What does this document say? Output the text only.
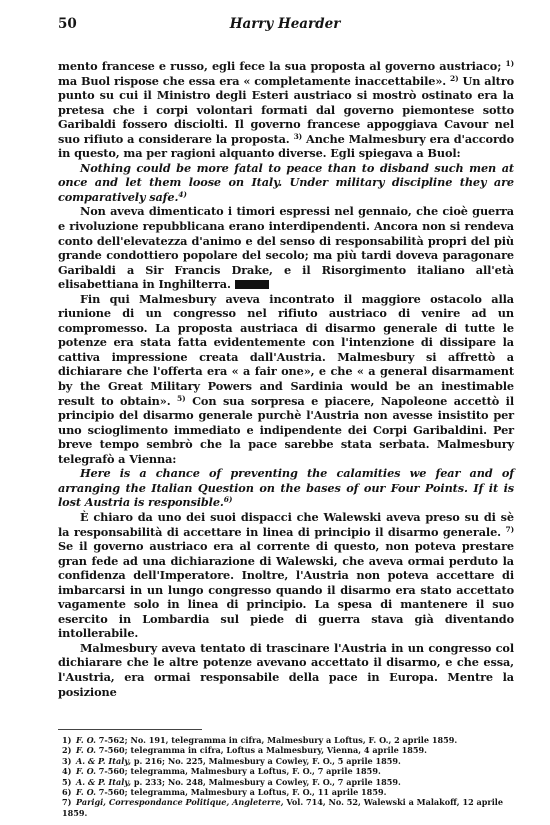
50	Harry Hearder

mento francese e russo, egli fece la sua proposta al governo austriaco; $^{1)}$ ma Buol rispose che essa era « completamente inaccettabile». $^{2)}$ Un altro punto su cui il Ministro degli Esteri austriaco si mostrò ostinato era la pretesa che i corpi volontari formati dal governo piemontese sotto Garibaldi fossero disciolti. Il governo francese appoggiava Cavour nel suo rifiuto a considerare la proposta. $^{3)}$ Anche Malmesbury era d'accordo in questo, ma per ragioni alquanto diverse. Egli spiegava a Buol:

Nothing could be more fatal to peace than to disband such men at once and let them loose on Italy. Under military discipline they are comparatively safe.$^{4)}$

Non aveva dimenticato i timori espressi nel gennaio, che cioè guerra e rivoluzione repubblicana erano interdipendenti. Ancora non si rendeva conto dell'elevatezza d'animo e del senso di responsabilità propri del più grande condottiero popolare del secolo; ma più tardi doveva paragonare Garibaldi a Sir Francis Drake, e il Risorgimento italiano all'età elisabettiana in Inghilterra.

Fin qui Malmesbury aveva incontrato il maggiore ostacolo alla riunione di un congresso nel rifiuto austriaco di venire ad un compromesso. La proposta austriaca di disarmo generale di tutte le potenze era stata fatta evidentemente con l'intenzione di dissipare la cattiva impressione creata dall'Austria. Malmesbury si affrettò a dichiarare che l'offerta era « a fair one», e che « a general disarmament by the Great Military Powers and Sardinia would be an inestimable result to obtain». $^{5)}$ Con sua sorpresa e piacere, Napoleone accettò il principio del disarmo generale purchè l'Austria non avesse insistito per uno scioglimento immediato e indipendente dei Corpi Garibaldini. Per breve tempo sembrò che la pace sarebbe stata serbata. Malmesbury telegrafò a Vienna:

Here is a chance of preventing the calamities we fear and of arranging the Italian Question on the bases of our Four Points. If it is lost Austria is responsible.$^{6)}$

È chiaro da uno dei suoi dispacci che Walewski aveva preso su di sè la responsabilità di accettare in linea di principio il disarmo generale. $^{7)}$ Se il governo austriaco era al corrente di questo, non poteva prestare gran fede ad una dichiarazione di Walewski, che aveva ormai perduto la confidenza dell'Imperatore. Inoltre, l'Austria non poteva accettare di imbarcarsi in un lungo congresso quando il disarmo era stato accettato vagamente solo in linea di principio. La spesa di mantenere il suo esercito in Lombardia sul piede di guerra stava già diventando intollerabile.

Malmesbury aveva tentato di trascinare l'Austria in un congresso col dichiarare che le altre potenze avevano accettato il disarmo, e che essa, l'Austria, era ormai responsabile della pace in Europa. Mentre la posizione

1) F. O. 7-562; No. 191, telegramma in cifra, Malmesbury a Loftus, F. O., 2 aprile 1859.
2) F. O. 7-560; telegramma in cifra, Loftus a Malmesbury, Vienna, 4 aprile 1859.
3) A. & P. Italy, p. 216; No. 225, Malmesbury a Cowley, F. O., 5 aprile 1859.
4) F. O. 7-560; telegramma, Malmesbury a Loftus, F. O., 7 aprile 1859.
5) A. & P. Italy, p. 233; No. 248, Malmesbury a Cowley, F. O., 7 aprile 1859.
6) F. O. 7-560; telegramma, Malmesbury a Loftus, F. O., 11 aprile 1859.
7) Parigi, Correspondance Politique, Angleterre, Vol. 714, No. 52, Walewski a Malakoff, 12 aprile 1859.
